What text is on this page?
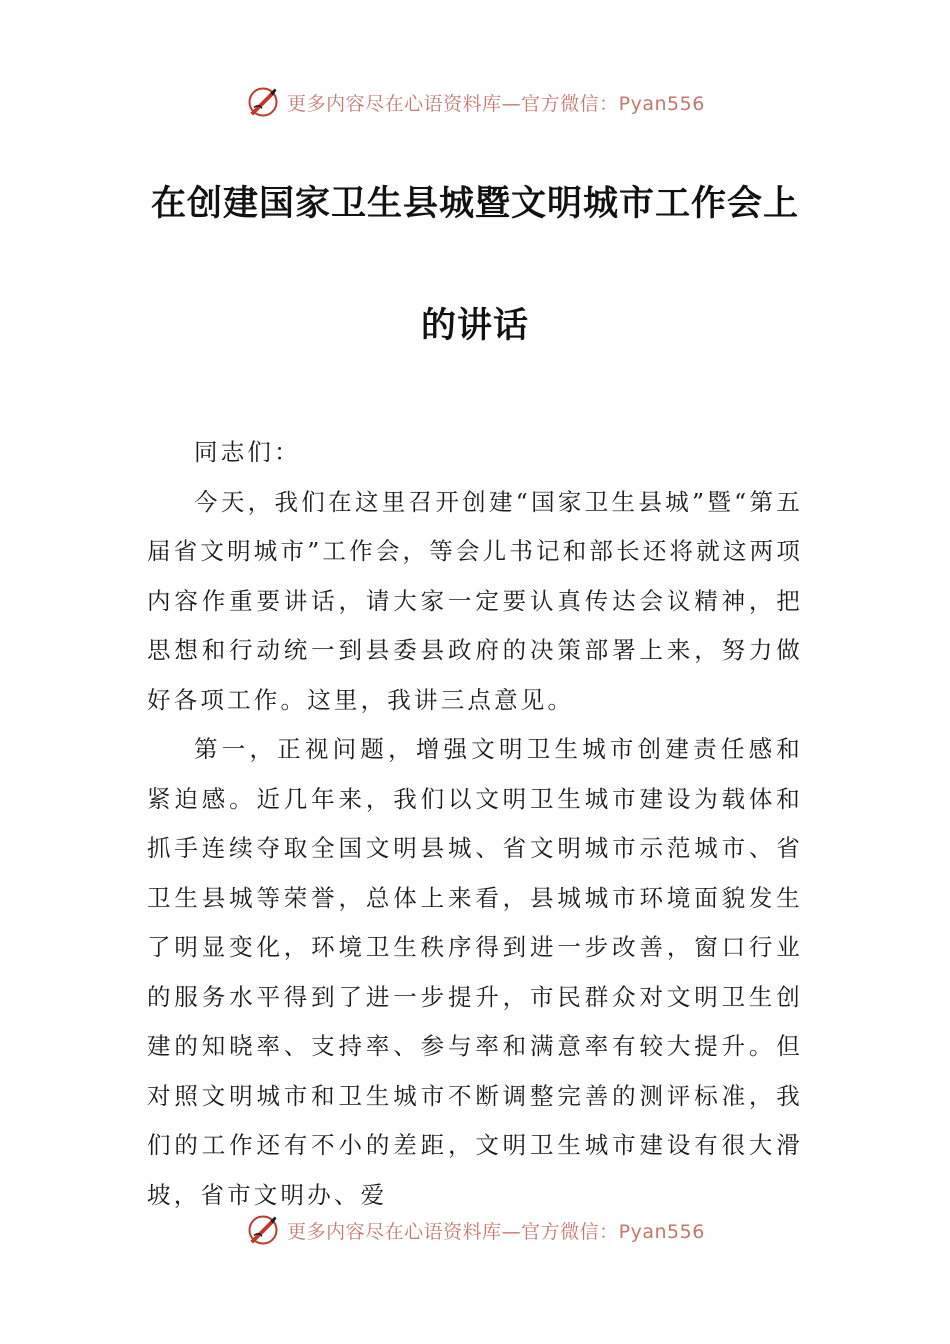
更多内容尽在心语资料库—官方微信：Pyan556
在创建国家卫生县城暨文明城市工作会上
的讲话

同志们：

今天，我们在这里召开创建“国家卫生县城”暨“第五届省文明城市”工作会，等会儿书记和部长还将就这两项内容作重要讲话，请大家一定要认真传达会议精神，把思想和行动统一到县委县政府的决策部署上来，努力做好各项工作。这里，我讲三点意见。

第一，正视问题，增强文明卫生城市创建责任感和紧迫感。近几年来，我们以文明卫生城市建设为载体和抓手连续夺取全国文明县城、省文明城市示范城市、省卫生县城等荣誉，总体上来看，县城城市环境面貌发生了明显变化，环境卫生秩序得到进一步改善，窗口行业的服务水平得到了进一步提升，市民群众对文明卫生创建的知晓率、支持率、参与率和满意率有较大提升。但对照文明城市和卫生城市不断调整完善的测评标准，我们的工作还有不小的差距，文明卫生城市建设有很大滑坡，省市文明办、爱

更多内容尽在心语资料库—官方微信：Pyan556
